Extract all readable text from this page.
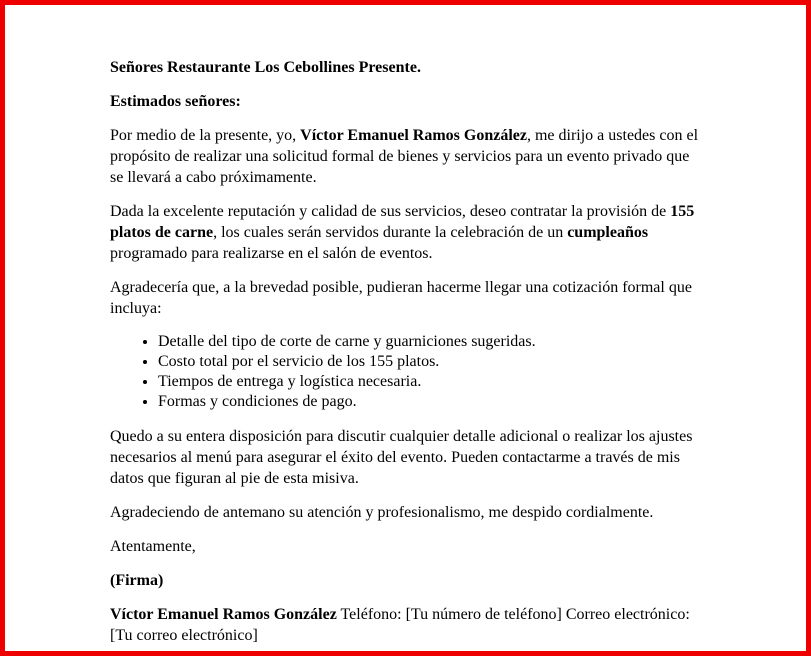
Señores Restaurante Los Cebollines Presente.

Estimados señores:

Por medio de la presente, yo, Víctor Emanuel Ramos González, me dirijo a ustedes con el propósito de realizar una solicitud formal de bienes y servicios para un evento privado que se llevará a cabo próximamente.

Dada la excelente reputación y calidad de sus servicios, deseo contratar la provisión de 155 platos de carne, los cuales serán servidos durante la celebración de un cumpleaños programado para realizarse en el salón de eventos.

Agradecería que, a la brevedad posible, pudieran hacerme llegar una cotización formal que incluya:

• Detalle del tipo de corte de carne y guarniciones sugeridas.
• Costo total por el servicio de los 155 platos.
• Tiempos de entrega y logística necesaria.
• Formas y condiciones de pago.

Quedo a su entera disposición para discutir cualquier detalle adicional o realizar los ajustes necesarios al menú para asegurar el éxito del evento. Pueden contactarme a través de mis datos que figuran al pie de esta misiva.

Agradeciendo de antemano su atención y profesionalismo, me despido cordialmente.

Atentamente,

(Firma)

Víctor Emanuel Ramos González Teléfono: [Tu número de teléfono] Correo electrónico: [Tu correo electrónico]
